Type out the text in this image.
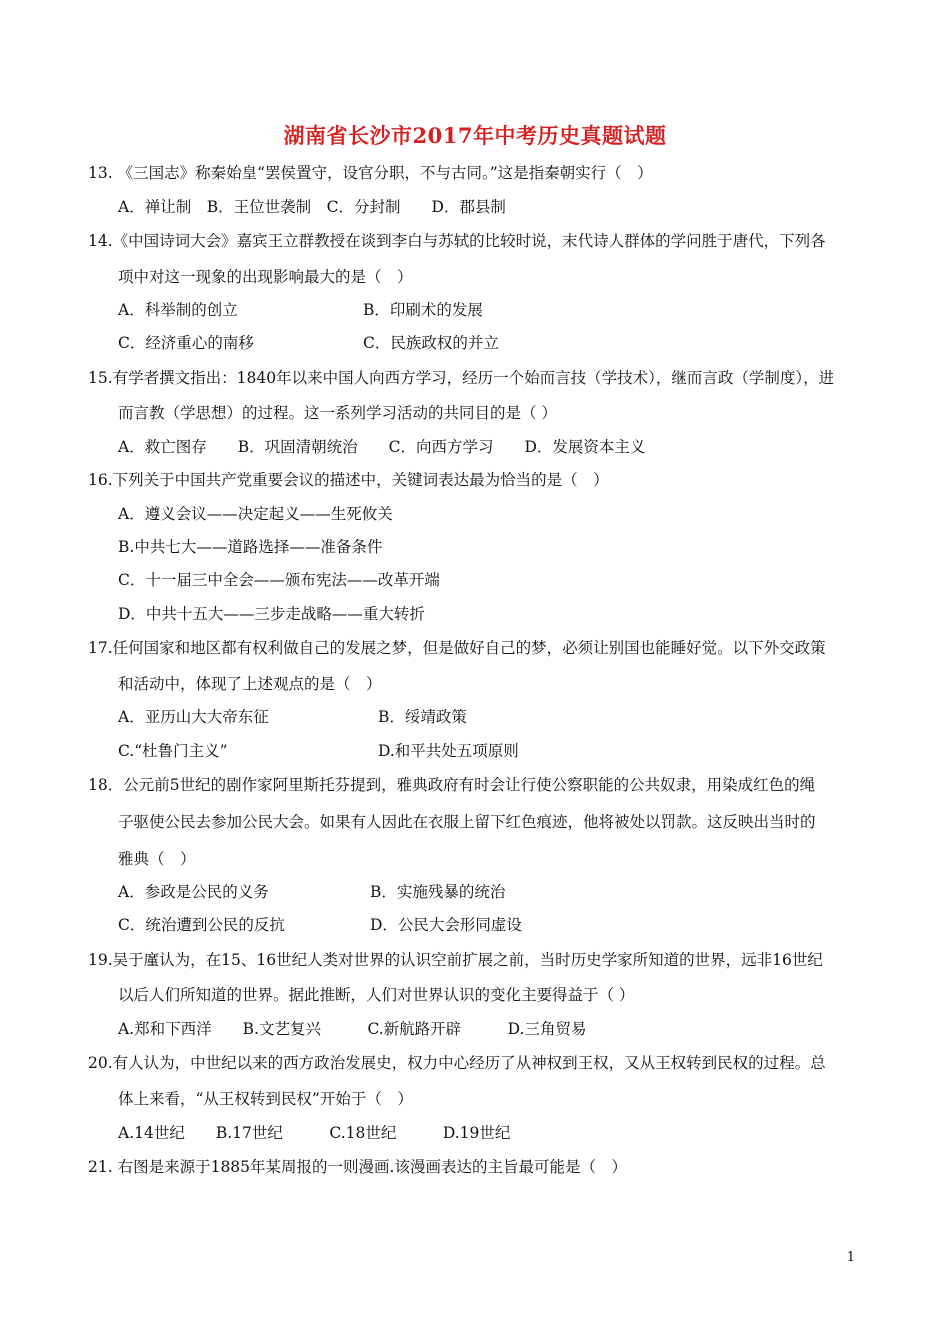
湖南省长沙市2017年中考历史真题试题
13. 《三国志》称秦始皇“罢侯置守，设官分职，不与古同。”这是指秦朝实行（　）
A．禅让制　B．王位世袭制　C．分封制　　D．郡县制
14.《中国诗词大会》嘉宾王立群教授在谈到李白与苏轼的比较时说，末代诗人群体的学问胜于唐代，下列各
项中对这一现象的出现影响最大的是（　）
A．科举制的创立	B．印刷术的发展
C．经济重心的南移	C．民族政权的并立
15.有学者撰文指出：1840年以来中国人向西方学习，经历一个始而言技（学技术），继而言政（学制度），进
而言教（学思想）的过程。这一系列学习活动的共同目的是（ ）
A．救亡图存　　B．巩固清朝统治　　C．向西方学习　　D．发展资本主义
16.下列关于中国共产党重要会议的描述中，关键词表达最为恰当的是（　）
A．遵义会议——决定起义——生死攸关
B.中共七大——道路选择——准备条件
C．十一届三中全会——颁布宪法——改革开端
D．中共十五大——三步走战略——重大转折
17.任何国家和地区都有权利做自己的发展之梦，但是做好自己的梦，必须让别国也能睡好觉。以下外交政策
和活动中，体现了上述观点的是（　）
A．亚历山大大帝东征	B．绥靖政策
C.“杜鲁门主义”	D.和平共处五项原则
18．公元前5世纪的剧作家阿里斯托芬提到，雅典政府有时会让行使公察职能的公共奴隶，用染成红色的绳
子驱使公民去参加公民大会。如果有人因此在衣服上留下红色痕迹，他将被处以罚款。这反映出当时的
雅典（　）
A．参政是公民的义务	B．实施残暴的统治
C．统治遭到公民的反抗	D．公民大会形同虚设
19.吴于廑认为，在15、16世纪人类对世界的认识空前扩展之前，当时历史学家所知道的世界，远非16世纪
以后人们所知道的世界。据此推断，人们对世界认识的变化主要得益于（ ）
A.郑和下西洋　　B.文艺复兴　　　C.新航路开辟　　　D.三角贸易
20.有人认为，中世纪以来的西方政治发展史，权力中心经历了从神权到王权，又从王权转到民权的过程。总
体上来看，“从王权转到民权”开始于（　）
A.14世纪　　B.17世纪　　　C.18世纪　　　D.19世纪
21. 右图是来源于1885年某周报的一则漫画.该漫画表达的主旨最可能是（　）
1
